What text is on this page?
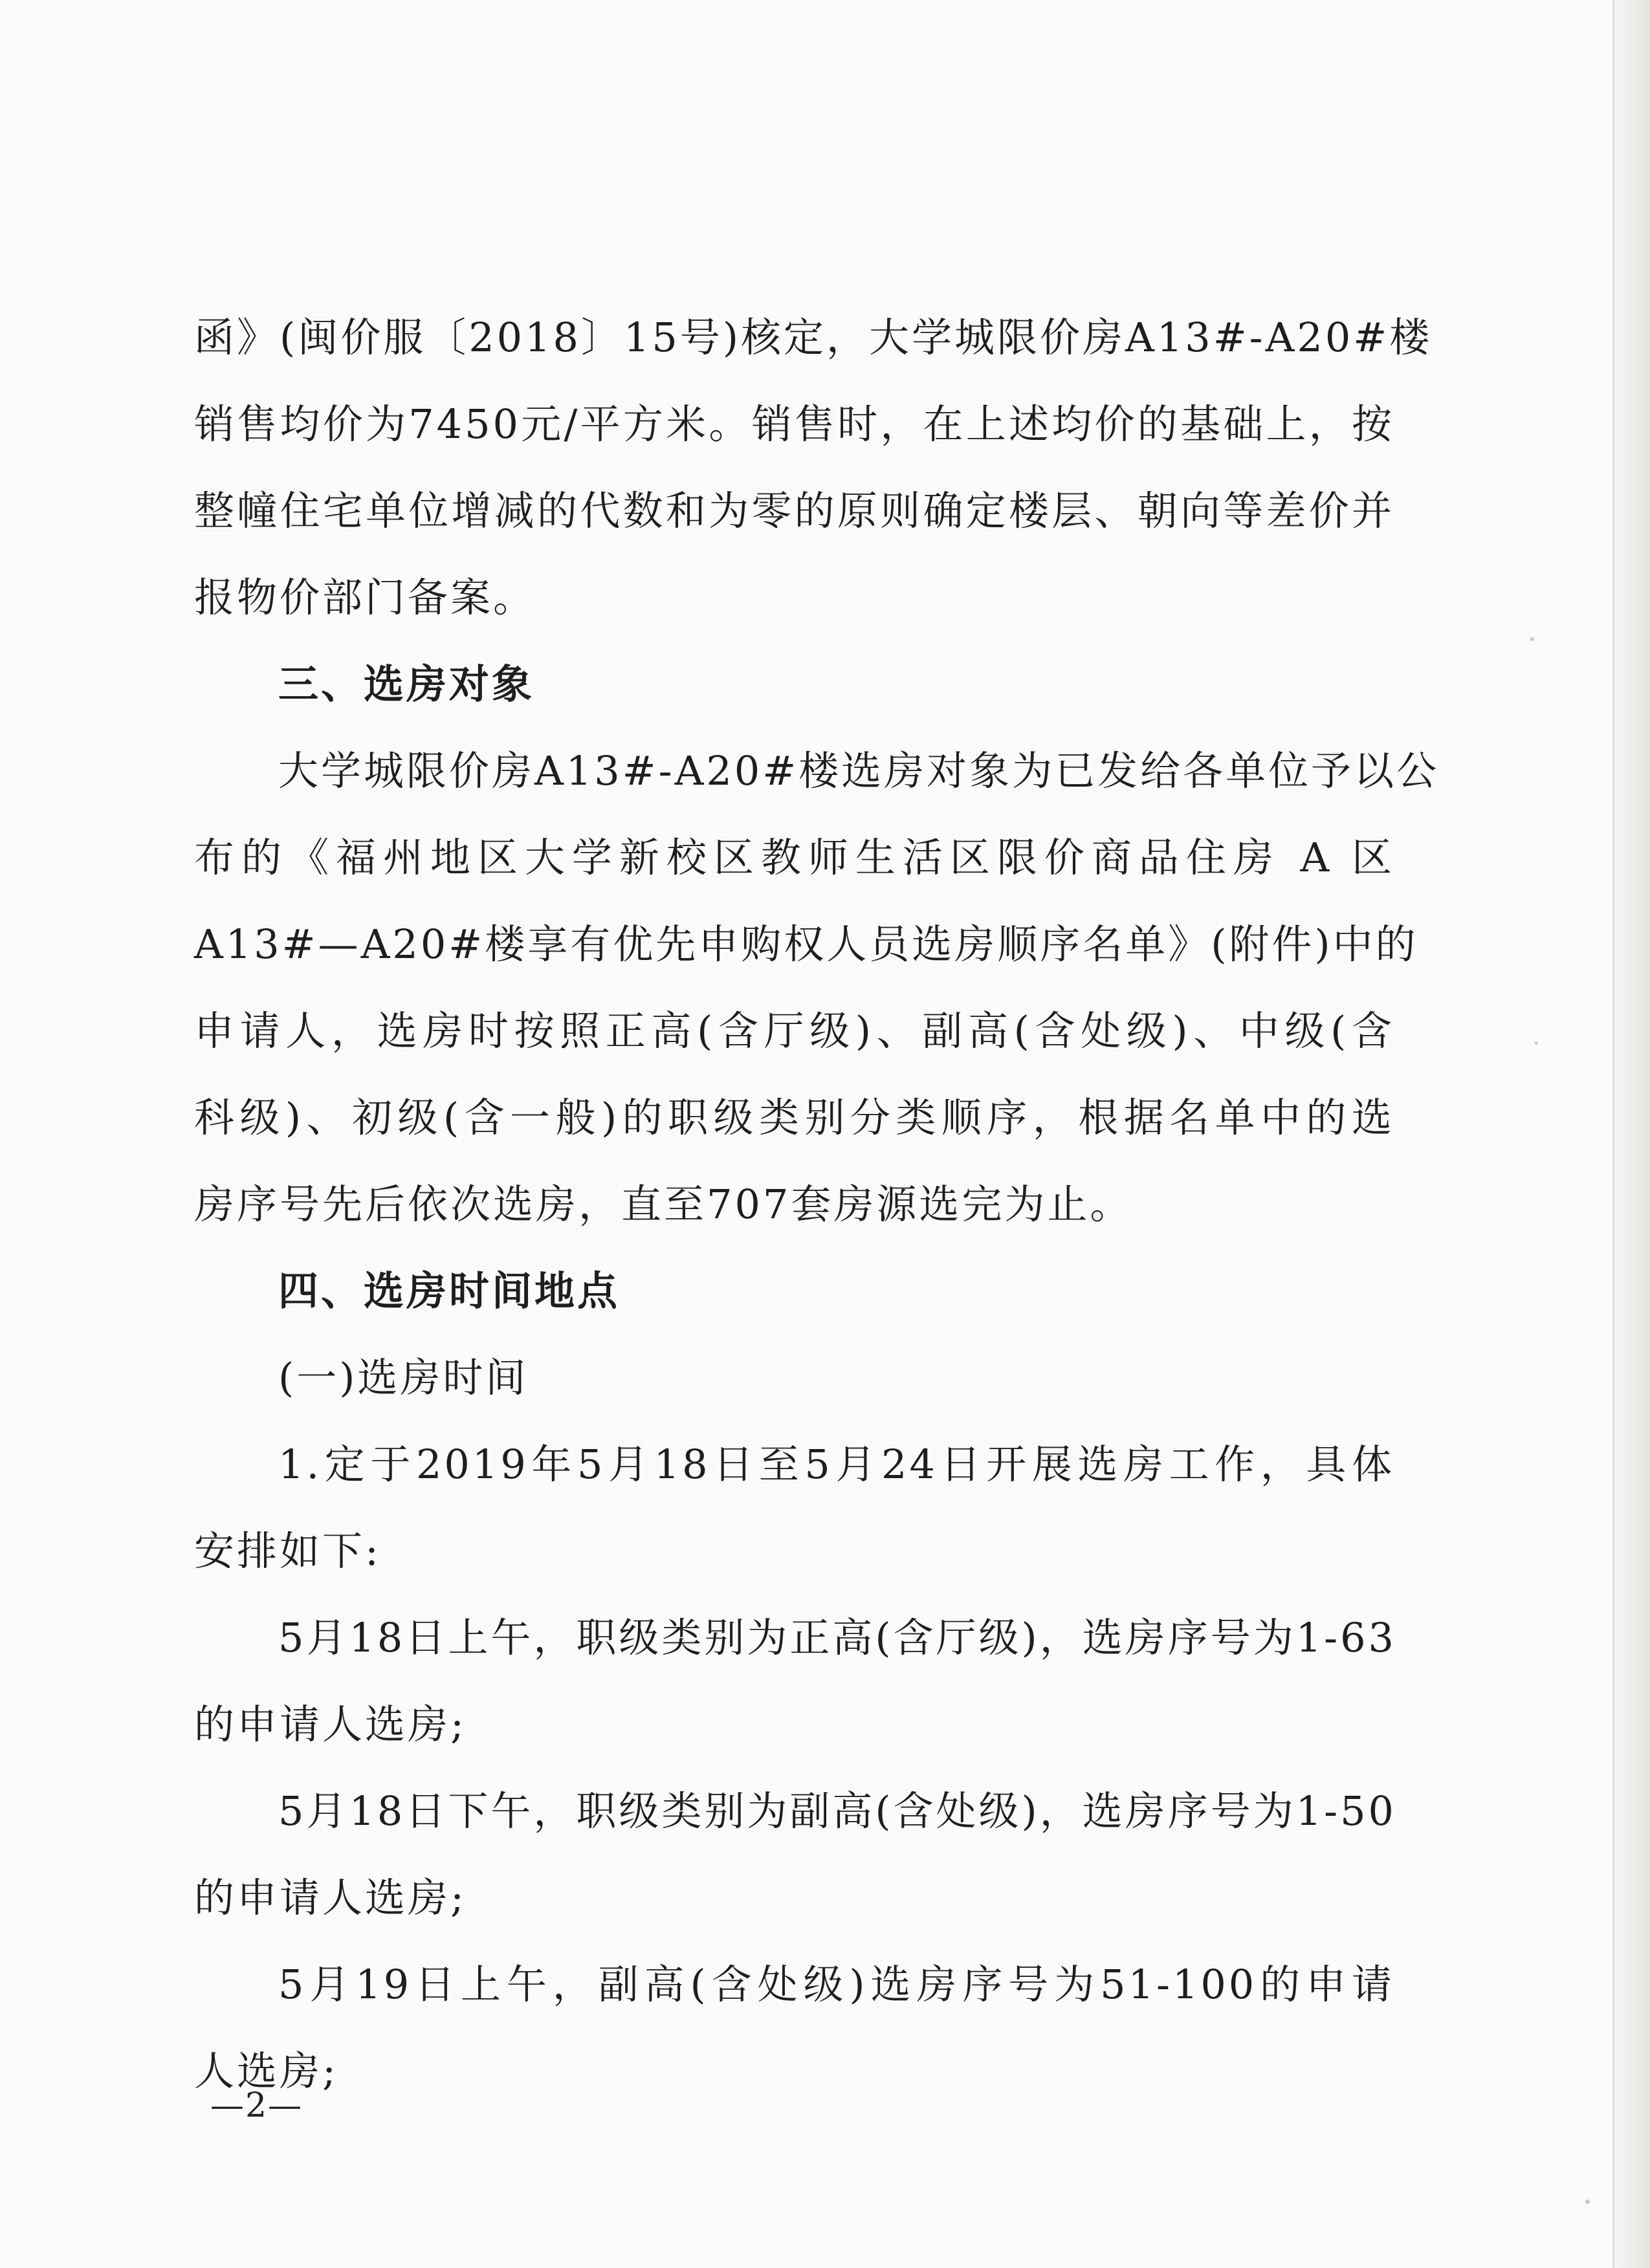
函》(闽价服〔2018〕15号)核定，大学城限价房A13#-A20#楼
销售均价为7450元/平方米。销售时，在上述均价的基础上，按
整幢住宅单位增减的代数和为零的原则确定楼层、朝向等差价并
报物价部门备案。
三、选房对象
大学城限价房A13#-A20#楼选房对象为已发给各单位予以公
布的《福州地区大学新校区教师生活区限价商品住房 A 区
A13#—A20#楼享有优先申购权人员选房顺序名单》(附件)中的
申请人，选房时按照正高(含厅级)、副高(含处级)、中级(含
科级)、初级(含一般)的职级类别分类顺序，根据名单中的选
房序号先后依次选房，直至707套房源选完为止。
四、选房时间地点
(一)选房时间
1.定于2019年5月18日至5月24日开展选房工作，具体
安排如下:
5月18日上午，职级类别为正高(含厅级)，选房序号为1-63
的申请人选房;
5月18日下午，职级类别为副高(含处级)，选房序号为1-50
的申请人选房;
5月19日上午，副高(含处级)选房序号为51-100的申请
人选房;
—2—
